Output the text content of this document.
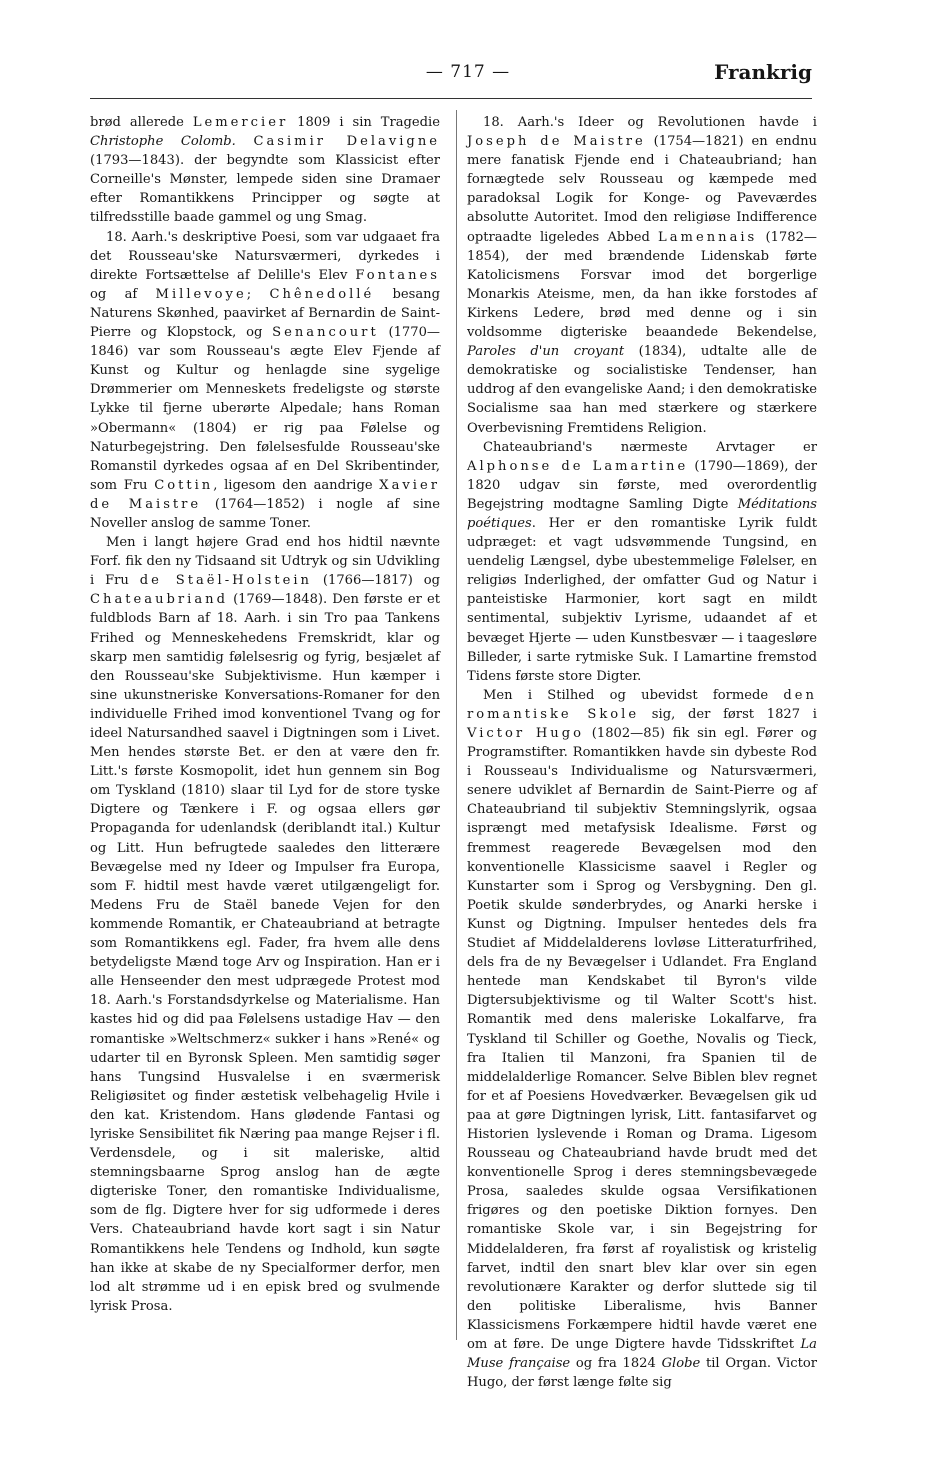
— 717 —	Frankrig

brød allerede Lemercier 1809 i sin Tragedie Christophe Colomb. Casimir Delavigne (1793—1843). der begyndte som Klassicist efter Corneille's Mønster, lempede siden sine Dramaer efter Romantikkens Principper og søgte at tilfredsstille baade gammel og ung Smag.

18. Aarh.'s deskriptive Poesi, som var udgaaet fra det Rousseau'ske Natursværmeri, dyrkedes i direkte Fortsættelse af Delille's Elev Fontanes og af Millevoye; Chênedollé besang Naturens Skønhed, paavirket af Bernardin de Saint-Pierre og Klopstock, og Senancourt (1770—1846) var som Rousseau's ægte Elev Fjende af Kunst og Kultur og henlagde sine sygelige Drømmerier om Menneskets fredeligste og største Lykke til fjerne uberørte Alpedale; hans Roman »Obermann« (1804) er rig paa Følelse og Naturbegejstring. Den følelsesfulde Rousseau'ske Romanstil dyrkedes ogsaa af en Del Skribentinder, som Fru Cottin, ligesom den aandrige Xavier de Maistre (1764—1852) i nogle af sine Noveller anslog de samme Toner.

Men i langt højere Grad end hos hidtil nævnte Forf. fik den ny Tidsaand sit Udtryk og sin Udvikling i Fru de Staël-Holstein (1766—1817) og Chateaubriand (1769—1848). Den første er et fuldblods Barn af 18. Aarh. i sin Tro paa Tankens Frihed og Menneskehedens Fremskridt, klar og skarp men samtidig følelsesrig og fyrig, besjælet af den Rousseau'ske Subjektivisme. Hun kæmper i sine ukunstneriske Konversations-Romaner for den individuelle Frihed imod konventionel Tvang og for ideel Natursandhed saavel i Digtningen som i Livet. Men hendes største Bet. er den at være den fr. Litt.'s første Kosmopolit, idet hun gennem sin Bog om Tyskland (1810) slaar til Lyd for de store tyske Digtere og Tænkere i F. og ogsaa ellers gør Propaganda for udenlandsk (deriblandt ital.) Kultur og Litt. Hun befrugtede saaledes den litterære Bevægelse med ny Ideer og Impulser fra Europa, som F. hidtil mest havde været utilgængeligt for. Medens Fru de Staël banede Vejen for den kommende Romantik, er Chateaubriand at betragte som Romantikkens egl. Fader, fra hvem alle dens betydeligste Mænd toge Arv og Inspiration. Han er i alle Henseender den mest udprægede Protest mod 18. Aarh.'s Forstandsdyrkelse og Materialisme. Han kastes hid og did paa Følelsens ustadige Hav — den romantiske »Weltschmerz« sukker i hans »René« og udarter til en Byronsk Spleen. Men samtidig søger hans Tungsind Husvalelse i en sværmerisk Religiøsitet og finder æstetisk velbehagelig Hvile i den kat. Kristendom. Hans glødende Fantasi og lyriske Sensibilitet fik Næring paa mange Rejser i fl. Verdensdele, og i sit maleriske, altid stemningsbaarne Sprog anslog han de ægte digteriske Toner, den romantiske Individualisme, som de flg. Digtere hver for sig udformede i deres Vers. Chateaubriand havde kort sagt i sin Natur Romantikkens hele Tendens og Indhold, kun søgte han ikke at skabe de ny Specialformer derfor, men lod alt strømme ud i en episk bred og svulmende lyrisk Prosa.

18. Aarh.'s Ideer og Revolutionen havde i Joseph de Maistre (1754—1821) en endnu mere fanatisk Fjende end i Chateaubriand; han fornægtede selv Rousseau og kæmpede med paradoksal Logik for Konge- og Paveværdes absolutte Autoritet. Imod den religiøse Indifference optraadte ligeledes Abbed Lamennais (1782—1854), der med brændende Lidenskab førte Katolicismens Forsvar imod det borgerlige Monarkis Ateisme, men, da han ikke forstodes af Kirkens Ledere, brød med denne og i sin voldsomme digteriske beaandede Bekendelse, Paroles d'un croyant (1834), udtalte alle de demokratiske og socialistiske Tendenser, han uddrog af den evangeliske Aand; i den demokratiske Socialisme saa han med stærkere og stærkere Overbevisning Fremtidens Religion.

Chateaubriand's nærmeste Arvtager er Alphonse de Lamartine (1790—1869), der 1820 udgav sin første, med overordentlig Begejstring modtagne Samling Digte Méditations poétiques. Her er den romantiske Lyrik fuldt udpræget: et vagt udsvømmende Tungsind, en uendelig Længsel, dybe ubestemmelige Følelser, en religiøs Inderlighed, der omfatter Gud og Natur i panteistiske Harmonier, kort sagt en mildt sentimental, subjektiv Lyrisme, udaandet af et bevæget Hjerte — uden Kunstbesvær — i taagesløre Billeder, i sarte rytmiske Suk. I Lamartine fremstod Tidens første store Digter.

Men i Stilhed og ubevidst formede den romantiske Skole sig, der først 1827 i Victor Hugo (1802—85) fik sin egl. Fører og Programstifter. Romantikken havde sin dybeste Rod i Rousseau's Individualisme og Natursværmeri, senere udviklet af Bernardin de Saint-Pierre og af Chateaubriand til subjektiv Stemningslyrik, ogsaa isprængt med metafysisk Idealisme. Først og fremmest reagerede Bevægelsen mod den konventionelle Klassicisme saavel i Regler og Kunstarter som i Sprog og Versbygning. Den gl. Poetik skulde sønderbrydes, og Anarki herske i Kunst og Digtning. Impulser hentedes dels fra Studiet af Middelalderens lovløse Litteraturfrihed, dels fra de ny Bevægelser i Udlandet. Fra England hentede man Kendskabet til Byron's vilde Digtersubjektivisme og til Walter Scott's hist. Romantik med dens maleriske Lokalfarve, fra Tyskland til Schiller og Goethe, Novalis og Tieck, fra Italien til Manzoni, fra Spanien til de middelalderlige Romancer. Selve Biblen blev regnet for et af Poesiens Hovedværker. Bevægelsen gik ud paa at gøre Digtningen lyrisk, Litt. fantasifarvet og Historien lyslevende i Roman og Drama. Ligesom Rousseau og Chateaubriand havde brudt med det konventionelle Sprog i deres stemningsbevægede Prosa, saaledes skulde ogsaa Versifikationen frigøres og den poetiske Diktion fornyes. Den romantiske Skole var, i sin Begejstring for Middelalderen, fra først af royalistisk og kristelig farvet, indtil den snart blev klar over sin egen revolutionære Karakter og derfor sluttede sig til den politiske Liberalisme, hvis Banner Klassicismens Forkæmpere hidtil havde været ene om at føre. De unge Digtere havde Tidsskriftet La Muse française og fra 1824 Globe til Organ. Victor Hugo, der først længe følte sig
